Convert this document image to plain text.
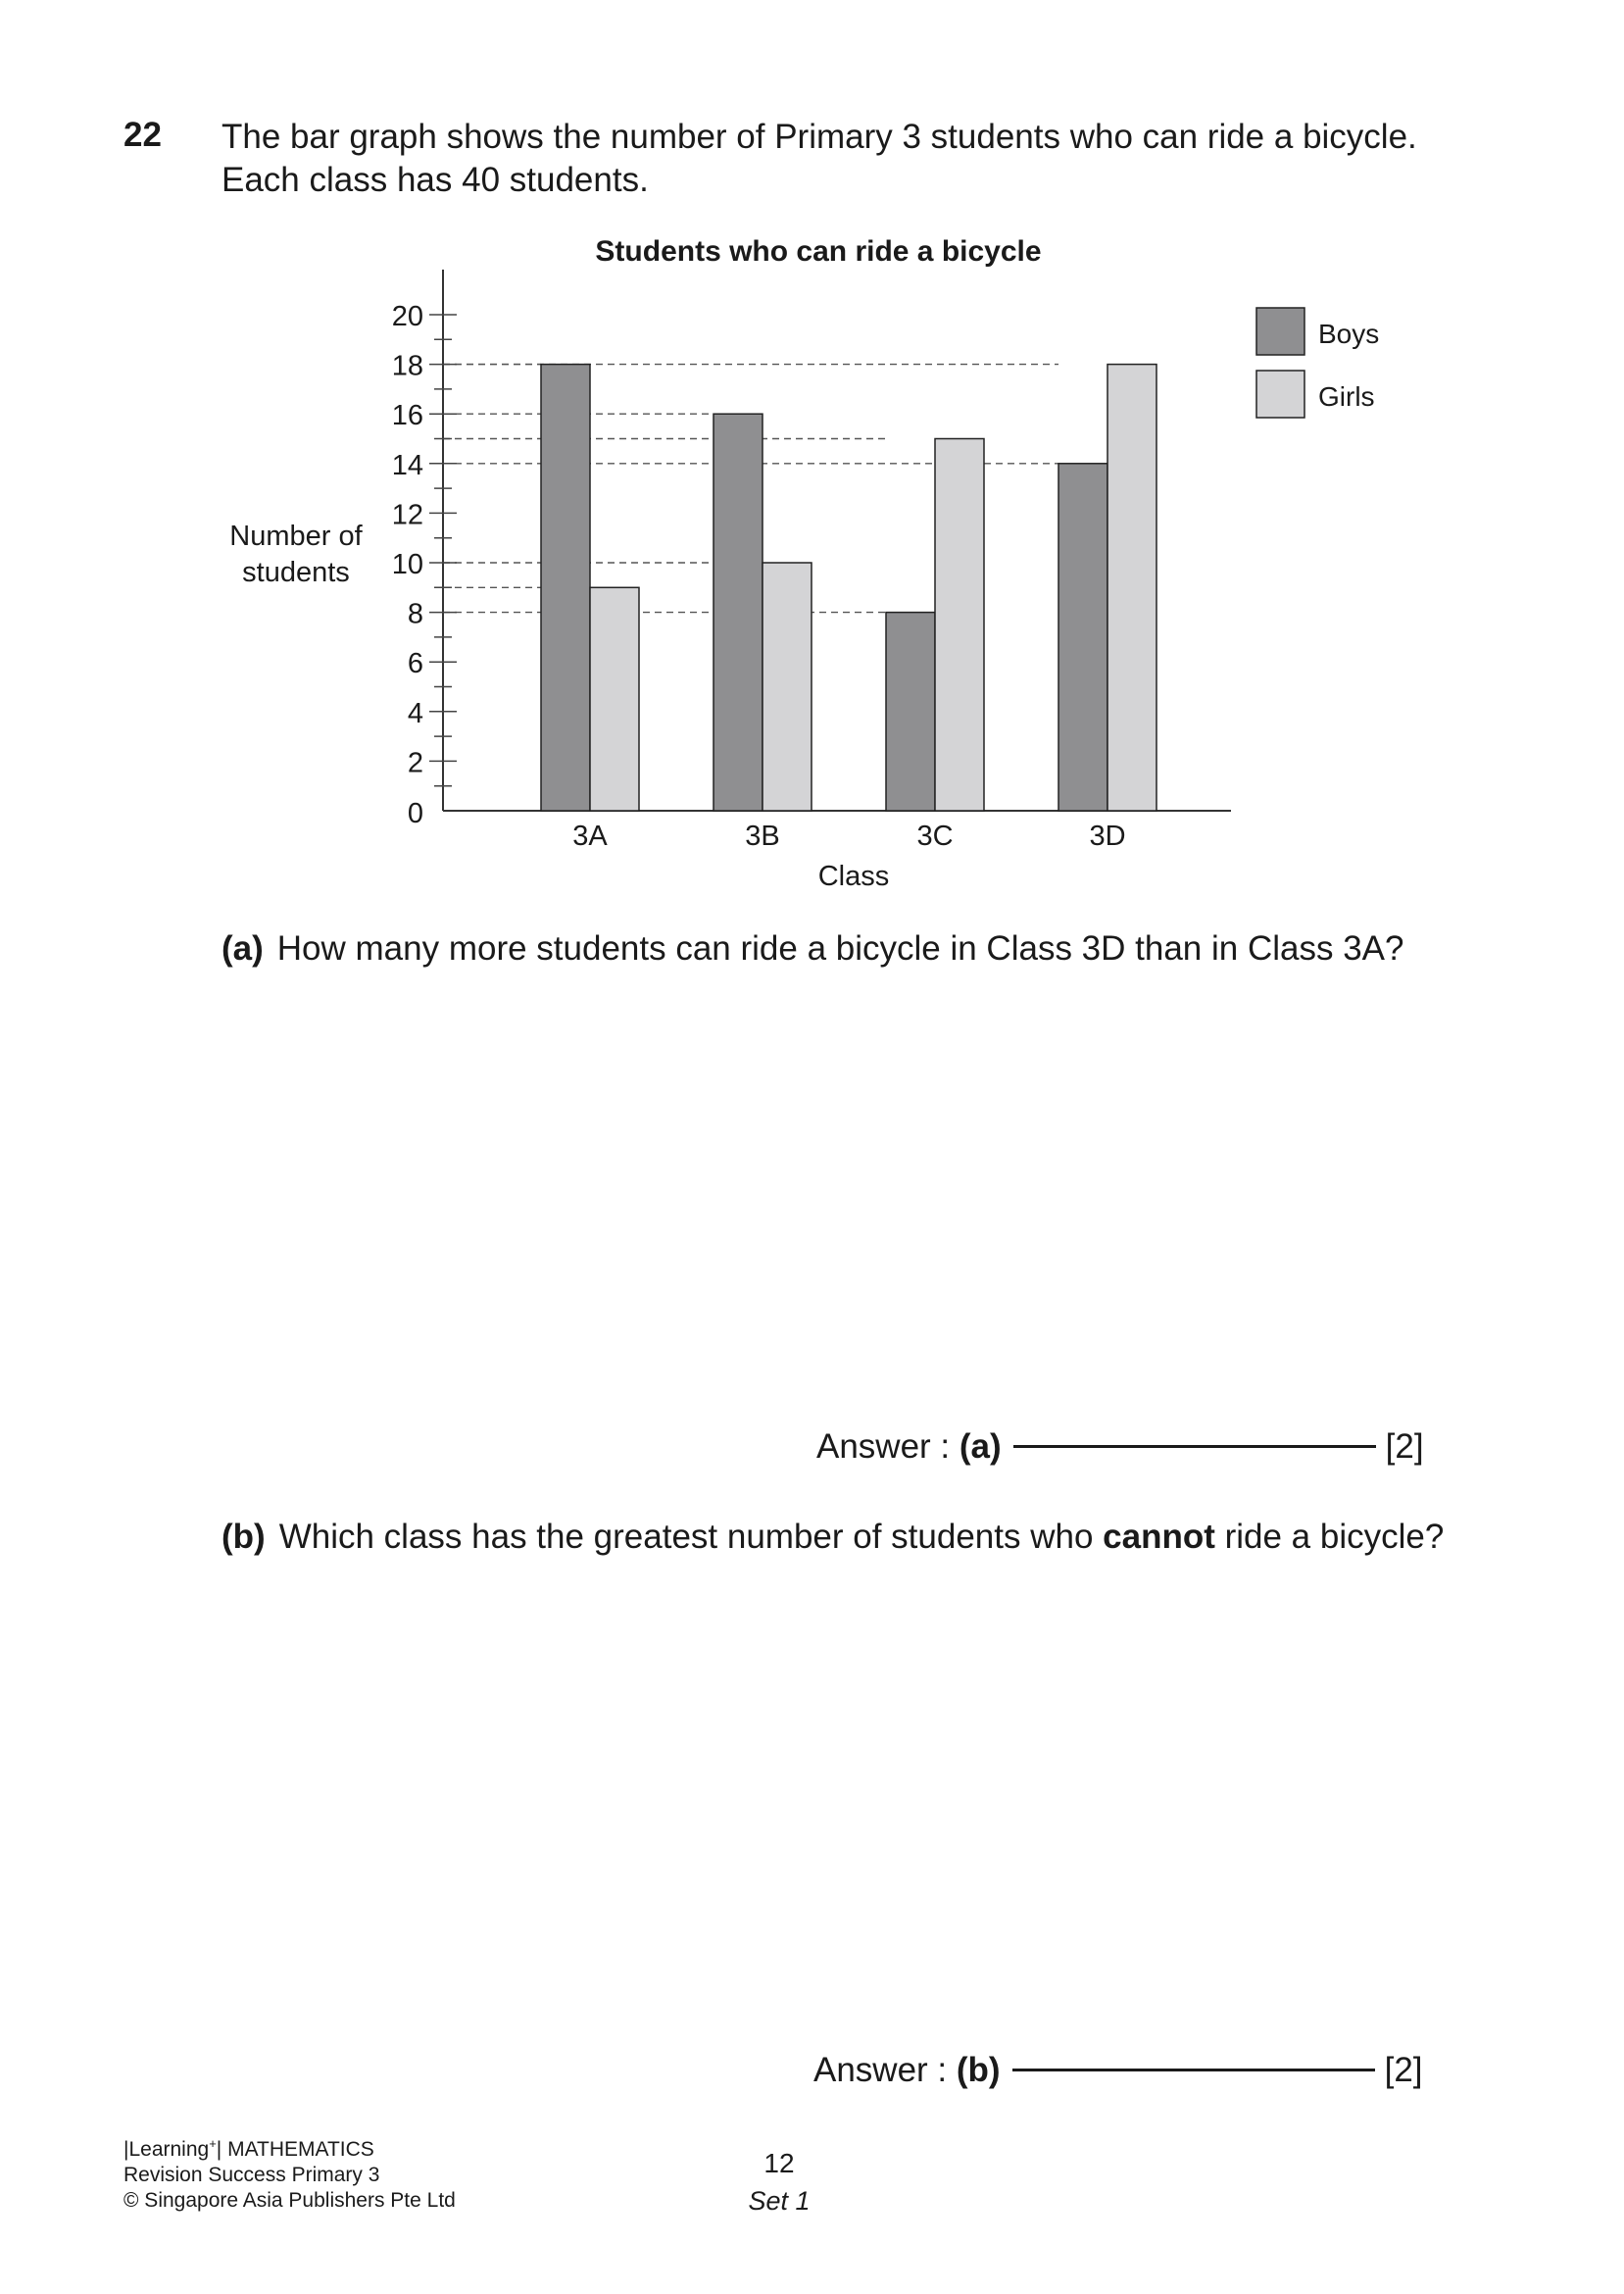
22 The bar graph shows the number of Primary 3 students who can ride a bicycle.
Each class has 40 students.
Students who can ride a bicycle
0
2
4
6
8
10
12
14
16
18
20
Number of
students
3A	3B	3C	3D
Class
Boys
Girls
(a) How many more students can ride a bicycle in Class 3D than in Class 3A?
Answer : (a)	[2]
(b) Which class has the greatest number of students who cannot ride a bicycle?
Answer : (b)	[2]
|Learning+| MATHEMATICS
Revision Success Primary 3
© Singapore Asia Publishers Pte Ltd
12
Set 1
